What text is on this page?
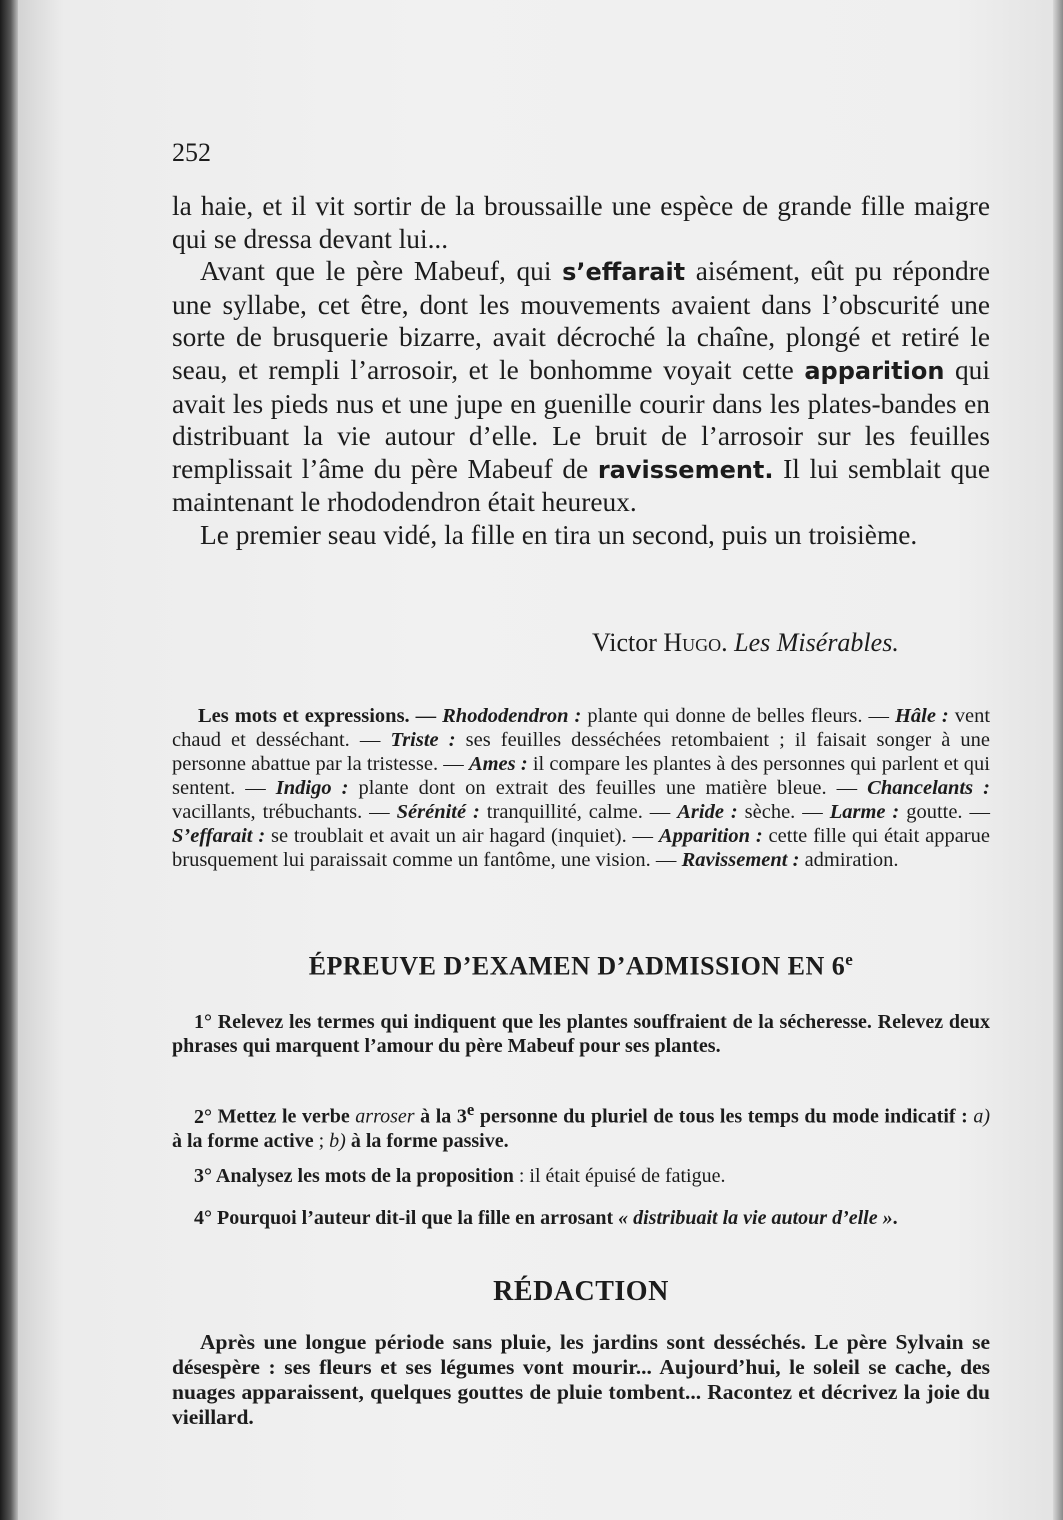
252

la haie, et il vit sortir de la broussaille une espèce de grande fille maigre qui se dressa devant lui...

Avant que le père Mabeuf, qui s’effarait aisément, eût pu répondre une syllabe, cet être, dont les mouvements avaient dans l’obscurité une sorte de brusquerie bizarre, avait décroché la chaîne, plongé et retiré le seau, et rempli l’arrosoir, et le bonhomme voyait cette apparition qui avait les pieds nus et une jupe en guenille courir dans les plates-bandes en distribuant la vie autour d’elle. Le bruit de l’arrosoir sur les feuilles remplissait l’âme du père Mabeuf de ravissement. Il lui semblait que maintenant le rhododendron était heureux.

Le premier seau vidé, la fille en tira un second, puis un troisième.

Victor Hugo. Les Misérables.
Les mots et expressions. — Rhododendron : plante qui donne de belles fleurs. — Hâle : vent chaud et desséchant. — Triste : ses feuilles desséchées retombaient ; il faisait songer à une personne abattue par la tristesse. — Ames : il compare les plantes à des personnes qui parlent et qui sentent. — Indigo : plante dont on extrait des feuilles une matière bleue. — Chancelants : vacillants, trébuchants. — Sérénité : tranquillité, calme. — Aride : sèche. — Larme : goutte. — S’effarait : se troublait et avait un air hagard (inquiet). — Apparition : cette fille qui était apparue brusquement lui paraissait comme un fantôme, une vision. — Ravissement : admiration.
ÉPREUVE D’EXAMEN D’ADMISSION EN 6e
1° Relevez les termes qui indiquent que les plantes souffraient de la sécheresse. Relevez deux phrases qui marquent l’amour du père Mabeuf pour ses plantes.
2° Mettez le verbe arroser à la 3e personne du pluriel de tous les temps du mode indicatif : a) à la forme active ; b) à la forme passive.
3° Analysez les mots de la proposition : il était épuisé de fatigue.
4° Pourquoi l’auteur dit-il que la fille en arrosant « distribuait la vie autour d’elle ».
RÉDACTION
Après une longue période sans pluie, les jardins sont desséchés. Le père Sylvain se désespère : ses fleurs et ses légumes vont mourir... Aujourd’hui, le soleil se cache, des nuages apparaissent, quelques gouttes de pluie tombent... Racontez et décrivez la joie du vieillard.
